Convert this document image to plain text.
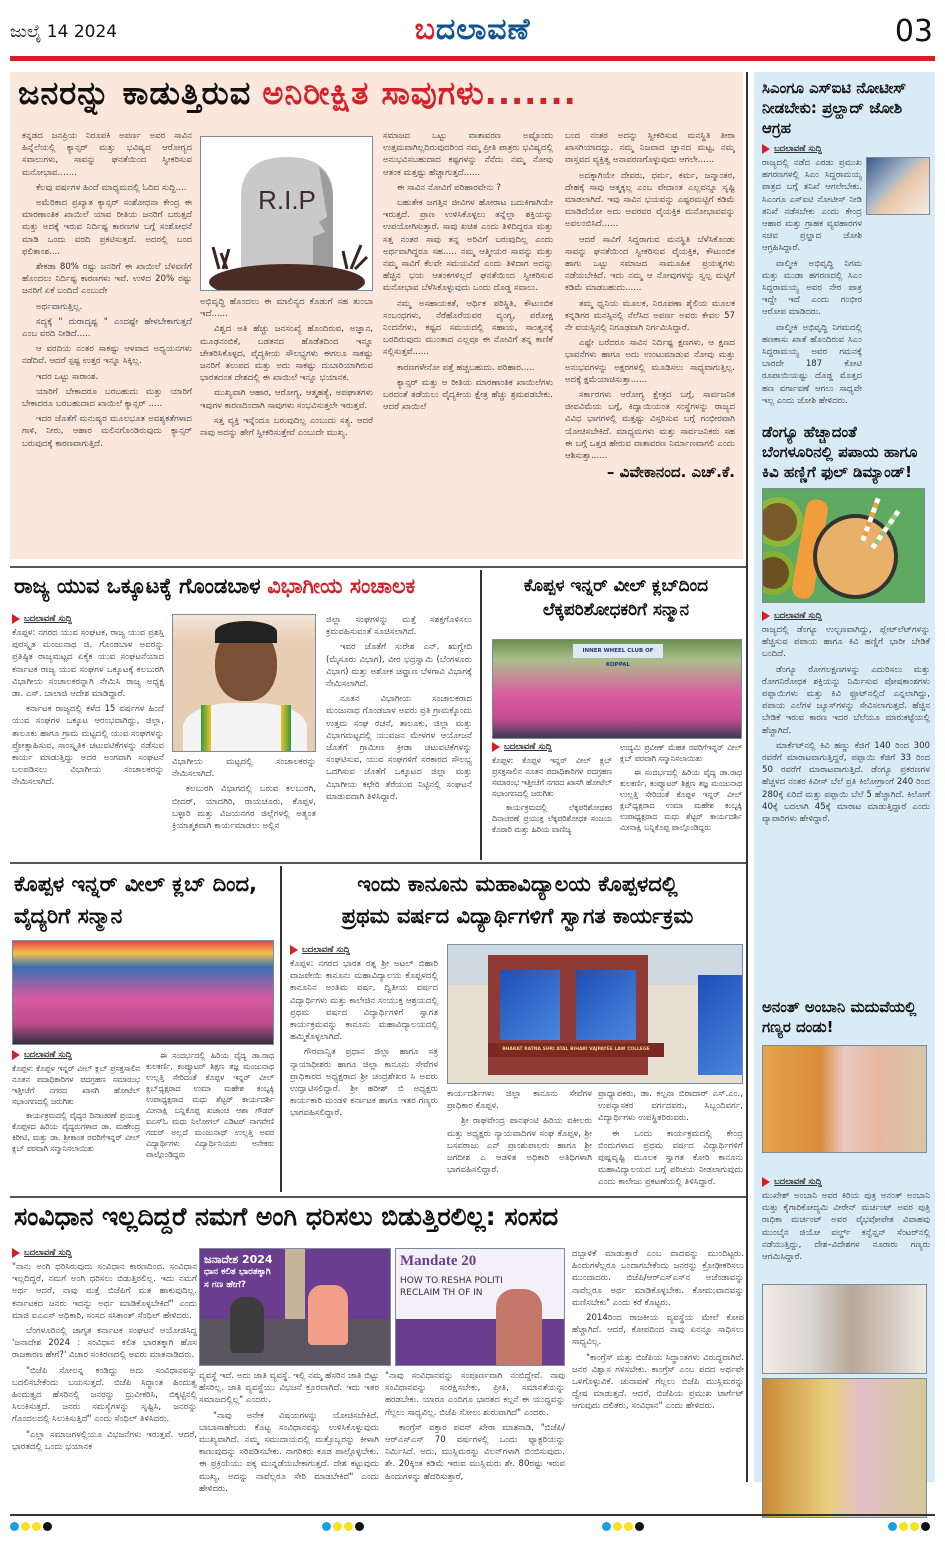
ಜುಲೈ 14 2024	ಬದಲಾವಣೆ	03
ಜನರನ್ನು ಕಾಡುತ್ತಿರುವ ಅನಿರೀಕ್ಷಿತ ಸಾವುಗಳು.......

ಕನ್ನಡದ ಜನಪ್ರಿಯ ನಿರೂಪಕಿ ಅಪರ್ಣ ಅವರ ಸಾವಿನ ಹಿನ್ನೆಲೆಯಲ್ಲಿ ಕ್ಯಾನ್ಸರ್ ಮತ್ತು ಭವಿಷ್ಯದ ಆರೋಗ್ಯದ ಸವಾಲುಗಳು, ಸಾವನ್ನು ಘನತೆಯಿಂದ ಸ್ವೀಕರಿಸುವ ಮನೋಭಾವ.......

ಕೆಲವು ವರ್ಷಗಳ ಹಿಂದೆ ಮಾಧ್ಯಮದಲ್ಲಿ ಓದಿದ ಸುದ್ದಿ....

ಅಮೆರಿಕಾದ ಪ್ರಖ್ಯಾತ ಕ್ಯಾನ್ಸರ್ ಸಂಶೋಧನಾ ಕೇಂದ್ರ ಈ ಮಾರಣಾಂತಿಕ ಖಾಯಿಲೆ ಯಾವ ರೀತಿಯ ಜನರಿಗೆ ಬರುತ್ತದೆ ಮತ್ತು ಅದಕ್ಕೆ ಇರುವ ನಿರ್ದಿಷ್ಟ ಕಾರಣಗಳ ಬಗ್ಗೆ ಸಂಶೋಧನೆ ಮಾಡಿ ಒಂದು ವರದಿ ಪ್ರಕಟಿಸುತ್ತದೆ. ಅದರಲ್ಲಿ ಬಂದ ಫಲಿತಾಂಶ....

ಶೇಕಡಾ 80% ರಷ್ಟು ಜನರಿಗೆ ಈ ಖಾಯಿಲೆ ಬೆಳವಣಿಗೆ ಹೊಂದಲು ನಿರ್ದಿಷ್ಟ ಕಾರಣಗಳು ಇವೆ. ಉಳಿದ 20% ರಷ್ಟು ಜನರಿಗೆ ಏಕೆ ಬಂದಿದೆ ಎಂಬುದೇ

ಅರ್ಥವಾಗುತ್ತಿಲ್ಲ.

ಸದ್ಯಕ್ಕೆ " ದುರಾದೃಷ್ಟ " ಎಂದಷ್ಟೇ ಹೇಳಬೇಕಾಗುತ್ತದೆ ಎಂಬ ವರದಿ ನೀಡಿದೆ.....

ಆ ವರದಿಯ ನಂತರ ಸಾಕಷ್ಟು ಆಳವಾದ ಅಧ್ಯಯನಗಳು ನಡೆದಿವೆ. ಆದರೆ ಸ್ಪಷ್ಟ ಉತ್ತರ ಇನ್ನೂ ಸಿಕ್ಕಿಲ್ಲ.

ಇದರ ಒಟ್ಟು ಸಾರಾಂಶ.

ಯಾರಿಗೆ ಬೇಕಾದರೂ ಬರಬಹುದು ಮತ್ತು ಯಾರಿಗೆ ಬೇಕಾದರೂ ಬರಬಹುದಾದ ಖಾಯಿಲೆ ಕ್ಯಾನ್ಸರ್ .....

ಇದರ ಜೊತೆಗೆ ಮನುಷ್ಯರ ಮೂಲಭೂತ ಅವಶ್ಯಕತೆಗಳಾದ ಗಾಳಿ, ನೀರು, ಆಹಾರ ಮಲಿನಗೊಂಡಿರುವುದು ಕ್ಯಾನ್ಸರ್ ಬರುವುದಕ್ಕೆ ಕಾರಣವಾಗುತ್ತಿದೆ.

R.I.P

ಅಭಿವೃದ್ಧಿ ಹೊಂದಲು ಈ ಮಾಲಿನ್ಯದ ಕೊಡುಗೆ ಸಹ ತುಂಬಾ ಇದೆ......

ವಿಶ್ವದ ಅತಿ ಹೆಚ್ಚು ಜನಸಂಖ್ಯೆ ಹೊಂದಿರುವ, ಅಜ್ಞಾನ, ಮೂಢನಂಬಿಕೆ, ಬಡತನದ ಹೊಡೆತದಿಂದ ಇನ್ನೂ ಚೇತರಿಸಿಕೊಳ್ಳದ, ವೈದ್ಯಕೀಯ ಸೌಲಭ್ಯಗಳು ಈಗಲೂ ಸಾಕಷ್ಟು ಜನರಿಗೆ ತಲುಪದ ಮತ್ತು ಅದು ಸಾಕಷ್ಟು ದುಬಾರಿಯಾಗಿರುವ ಭಾರತದಂತ ದೇಶದಲ್ಲಿ ಈ ಖಾಯಿಲೆ ಇನ್ನೂ ಭಯಾನಕ.

ಮುಖ್ಯವಾಗಿ ಆಹಾರ, ಆರೋಗ್ಯ, ಆತ್ಮಹತ್ಯೆ, ಅಪಘಾತಗಳು ಇವುಗಳ ಕಾರಣದಿಂದಾಗಿ ಸಾವುಗಳು ಸಂಭವಿಸುತ್ತಲೇ ಇರುತ್ತವೆ.

ಸತ್ತ ವ್ಯಕ್ತಿ ಇನ್ನೆಂದೂ ಬರುವುದಿಲ್ಲ ಎಂಬುದು ಸತ್ಯ. ಆದರೆ ನಾವು ಅದನ್ನು ಹೇಗೆ ಸ್ವೀಕರಿಸುತ್ತೇವೆ ಎಂಬುದೇ ಮುಖ್ಯ.

ಸಮಾಜದ ಒಟ್ಟು ವಾತಾವರಣ ಅಷ್ಟೊಂದು ಉತ್ತಮವಾಗಿಲ್ಲದಿರುವುದರಿಂದ ನಮ್ಮ ಪ್ರೀತಿ ಪಾತ್ರರು ಭವಿಷ್ಯದಲ್ಲಿ ಅನುಭವಿಸಬಹುದಾದ ಕಷ್ಟಗಳನ್ನು ನೆನೆದು ನಮ್ಮ ನೋವು ಆತಂಕ ಮತ್ತಷ್ಟು ಹೆಚ್ಚಾಗುತ್ತದೆ......

ಈ ಸಾವಿನ ನೋವಿಗೆ ಪರಿಹಾರವೇನು ?

ಬಹುತೇಕ ಜಗತ್ತಿನ ಜೀವಿಗಳ ಹೋರಾಟ ಬದುಕಿಗಾಗಿಯೇ ಇರುತ್ತದೆ. ಪ್ರಾಣ ಉಳಿಸಿಕೊಳ್ಳಲು ತನ್ನೆಲ್ಲಾ ಶಕ್ತಿಯನ್ನು ಉಪಯೋಗಿಸುತ್ತಾರೆ. ಸಾವು ಖಚಿತ ಎಂದು ತಿಳಿದಿದ್ದರೂ ಮತ್ತು ಸತ್ತ ನಂತರ ಸಾವು ತನ್ನ ಅರಿವಿಗೆ ಬರುವುದಿಲ್ಲ ಎಂದು ಅರ್ಥವಾಗಿದ್ದರೂ ಸಹ..... ನಮ್ಮ ಆತ್ಮೀಯರ ಸಾವನ್ನು ಮತ್ತು ನಮ್ಮ ಸಾವಿಗೆ ಕೆಲವೇ ಸಮಯವಿದೆ ಎಂದು ತಿಳಿದಾಗ ಅದನ್ನು ಹೆಚ್ಚಿನ ಭಯ ಆತಂಕಗಳಿಲ್ಲದೆ ಘನತೆಯಿಂದ ಸ್ವೀಕರಿಸುವ ಮನೋಭಾವ ಬೆಳೆಸಿಕೊಳ್ಳುವುದು ಒಂದು ದೊಡ್ಡ ಸವಾಲು.

ನಮ್ಮ ಅಸಹಾಯಕತೆ, ಆರ್ಥಿಕ ಪರಿಸ್ಥಿತಿ, ಕೌಟುಂಬಿಕ ಸಂಬಂಧಗಳು, ನೆರೆಹೊರೆಯವರ ವ್ಯಂಗ್ಯ, ಪರೋಕ್ಷ ನಿಂದನೆಗಳು, ಕಷ್ಟದ ಸಮಯದಲ್ಲಿ ಸಹಾಯ, ಸಾಂತ್ವನಕ್ಕೆ ಬರದಿರುವುದು ಮುಂತಾದ ಎಲ್ಲವೂ ಈ ನೋವಿಗೆ ತನ್ನ ಕಾಣಿಕೆ ಸಲ್ಲಿಸುತ್ತವೆ......

ಕಾರಣಗಳೇನೋ ಪತ್ತೆ ಹಚ್ಚಬಹುದು. ಪರಿಹಾರ.....

ಕ್ಯಾನ್ಸರ್ ಮತ್ತು ಆ ರೀತಿಯ ಮಾರಣಾಂತಿಕ ಖಾಯಿಲೆಗಳು ಬರದಂತೆ ತಡೆಯಲು ವೈದ್ಯಕೀಯ ಕ್ಷೇತ್ರ ಹೆಚ್ಚು ಶ್ರಮಪಡಬೇಕು. ಆದರೆ ಖಾಯಿಲೆ

ಬಂದ ನಂತರ ಅದನ್ನು ಸ್ವೀಕರಿಸುವ ಮನಸ್ಥಿತಿ ತೀರಾ ಖಾಸಗಿಯಾದದ್ದು. ನಮ್ಮ ನಿಜವಾದ ಜ್ಞಾನದ ಮಟ್ಟ, ನಮ್ಮ ವಾಸ್ತವದ ವ್ಯಕ್ತಿತ್ವ ಅನಾವರಣಗೊಳ್ಳುವುದು ಆಗಲೇ......

ಅದಕ್ಕಾಗಿಯೇ ದೇವರು, ಧರ್ಮ, ಕರ್ಮ, ಜನ್ಮಾಂತರ, ದೇಹಕ್ಕೆ ಸಾವು ಆತ್ಮಕ್ಕಲ್ಲ ಎಂಬ ವೇದಾಂತ ಎಲ್ಲವನ್ನೂ ಸೃಷ್ಟಿ ಮಾಡಲಾಗಿದೆ. ಇವು ಸಾವಿನ ಭಯವನ್ನು ಎಷ್ಟರಮಟ್ಟಿಗೆ ಕಡಿಮೆ ಮಾಡಿದೆಯೋ ಅದು ಅವರವರ ವೈಯಕ್ತಿಕ ಮನೋಭಾವವನ್ನು ಅವಲಂಬಿಸಿದೆ......

ಆದರೆ ಸಾವಿಗೆ ಸಿದ್ದರಾಗುವ ಮನಸ್ಥಿತಿ ಬೆಳೆಸಿಕೊಂಡು ಸಾವನ್ನು ಘನತೆಯಿಂದ ಸ್ವೀಕರಿಸುವ ವೈಯಕ್ತಿಕ, ಕೌಟುಂಬಿಕ ಹಾಗು ಒಟ್ಟು ಸಮಾಜದ ಸಾಮೂಹಿಕ ಪ್ರಯತ್ನಗಳು ನಡೆಯಬೇಕಿದೆ. ಇದು ನಮ್ಮ ಆ ನೋವುಗಳನ್ನು ಸ್ವಲ್ಪ ಮಟ್ಟಿಗೆ ಕಡಿಮೆ ಮಾಡಬಹುದು......

ತಮ್ಮ ಧ್ವನಿಯ ಮೂಲಕ, ನಿರೂಪಣಾ ಶೈಲಿಯ ಮೂಲಕ ಕನ್ನಡಿಗರ ಮನಸ್ಸಿನಲ್ಲಿ ನೆಲೆಸಿದ ಅಪರ್ಣ ಅವರು ಕೇವಲ 57 ನೇ ವಯಸ್ಸಿನಲ್ಲಿ ನಿಗೂಢವಾಗಿ ನಿರ್ಗಮಿಸಿದ್ದಾರೆ.

ಎಷ್ಟೇ ಬರೆದರೂ ಸಾವಿನ ನಿರ್ದಿಷ್ಟ ಕ್ಷಣಗಳು, ಆ ಕ್ಷಣದ ಭಾವನೆಗಳು ಹಾಗೂ ಅದು ಉಂಟುಮಾಡುವ ನೋವು ಮತ್ತು ಅನುಭವಗಳನ್ನು ಅಕ್ಷರಗಳಲ್ಲಿ ಮೂಡಿಸಲು ಸಾಧ್ಯವಾಗುತ್ತಿಲ್ಲ. ಅದಕ್ಕೆ ಕ್ಷಮೆಯಾಚಿಸುತ್ತಾ......

ಸರ್ಕಾರಗಳು ಆರೋಗ್ಯ ಕ್ಷೇತ್ರದ ಬಗ್ಗೆ, ಸಾರ್ವಜನಿಕ ಜೀವವಿಮೆಯ ಬಗ್ಗೆ, ಕಿದ್ವಾಯಿಯಂತ ಸಂಸ್ಥೆಗಳನ್ನು ರಾಜ್ಯದ ವಿವಿಧ ಭಾಗಗಳಲ್ಲಿ ಮತ್ತಷ್ಟು ವಿಸ್ತರಿಸುವ ಬಗ್ಗೆ ಗಂಭೀರವಾಗಿ ಯೋಚಿಸಬೇಕಿದೆ. ಮಾಧ್ಯಮಗಳು ಮತ್ತು ಸಾರ್ವಜನಿಕರು ಸಹ ಈ ಬಗ್ಗೆ ಒತ್ತಡ ಹೇರುವ ವಾತಾವರಣ ನಿರ್ಮಾಣವಾಗಲಿ ಎಂದು ಆಶಿಸುತ್ತಾ......

– ವಿವೇಕಾನಂದ. ಎಚ್.ಕೆ.
ಸಿಎಂಗೂ ಎಸ್‌ಐಟಿ ನೋಟೀಸ್ ನೀಡಬೇಕು: ಪ್ರಲ್ಹಾದ್ ಜೋಶಿ ಆಗ್ರಹ
ಬದಲಾವಣೆ ಸುದ್ದಿ

ರಾಜ್ಯದಲ್ಲಿ ನಡೆದ ಎರಡು ಪ್ರಮುಖ ಹಗರಣಗಳಲ್ಲಿ ಸಿಎಂ ಸಿದ್ದರಾಮಯ್ಯ ಪಾತ್ರದ ಬಗ್ಗೆ ತನಿಖೆ ಆಗಲೇಬೇಕು. ಸಿಎಂಗೂ ಎಸ್‌ಐಟಿ ನೋಟೀಸ್ ನೀಡಿ ತನಿಖೆ ನಡೆಸಬೇಕು ಎಂದು ಕೇಂದ್ರ ಆಹಾರ ಮತ್ತು ಗ್ರಾಹಕ ವ್ಯವಹಾರಗಳ ಸಚಿವ ಪ್ರಲ್ಹಾದ ಜೋಶಿ ಆಗ್ರಹಿಸಿದ್ದಾರೆ.

ವಾಲ್ಮೀಕಿ ಅಭಿವೃದ್ಧಿ ನಿಗಮ ಮತ್ತು ಮುಡಾ ಹಗರಣದಲ್ಲಿ ಸಿಎಂ ಸಿದ್ದರಾಮಯ್ಯ ಅವರ ನೇರ ಪಾತ್ರ ಇದ್ದೇ ಇದೆ ಎಂದು ಗಂಭೀರ ಆರೋಪ ಮಾಡಿದರು.

ವಾಲ್ಮೀಕಿ ಅಭಿವೃದ್ಧಿ ನಿಗಮದಲ್ಲಿ ಹಣಕಾಸು ಖಾತೆ ಹೊಂದಿರುವ ಸಿಎಂ ಸಿದ್ದರಾಮಯ್ಯ ಅವರ ಗಮನಕ್ಕೆ ಬಾರದೇ 187 ಕೋಟಿ ರೂಪಾಯಿಯಷ್ಟು ದೊಡ್ಡ ಮೊತ್ತದ ಹಣ ವರ್ಗಾವಣೆ ಆಗಲು ಸಾಧ್ಯವೇ ಇಲ್ಲ ಎಂದು ಜೋಶಿ ಹೇಳಿದರು.

ಡೆಂಗ್ಯೂ ಹೆಚ್ಚಾದಂತೆ ಬೆಂಗಳೂರಿನಲ್ಲಿ ಪಪಾಯ ಹಾಗೂ ಕಿವಿ ಹಣ್ಣಿಗೆ ಫುಲ್ ಡಿಮ್ಯಾಂಡ್!
ಬದಲಾವಣೆ ಸುದ್ದಿ

ರಾಜ್ಯದಲ್ಲಿ ಡೆಂಗ್ಯೂ ಉಲ್ಬಣವಾಗಿದ್ದು, ಪ್ಲೇಟ್‌ಲೆಟ್‌ಗಳನ್ನು ಹೆಚ್ಚಿಸುವ ಪಪಾಯ ಹಾಗೂ ಕಿವಿ ಹಣ್ಣಿಗೆ ಭಾರೀ ಬೇಡಿಕೆ ಬಂದಿದೆ.

ಡೆಂಗ್ಯೂ ರೋಗಲಕ್ಷಣಗಳನ್ನು ಎದುರಿಸಲು ಮತ್ತು ರೋಗನಿರೋಧಕ ಶಕ್ತಿಯನ್ನು ನಿರ್ಮಿಸುವ ಪೋಷಕಾಂಶಗಳು ಪಪ್ಪಾಯಿಗಳು ಮತ್ತು ಕಿವಿ ಫ್ರೂಟ್‌ನಲ್ಲಿದೆ ಎನ್ನಲಾಗಿದ್ದು, ಪಪಾಯ ಎಲೆಗಳ ಜ್ಯೂಸ್‌ಗಳನ್ನು ಸೇವಿಸಲಾಗುತ್ತದೆ. ಹೆಚ್ಚಿನ ಬೇಡಿಕೆ ಇರುವ ಕಾರಣ ಇದರ ಬೆಲೆಯೂ ಮಾರುಕಟ್ಟೆಯಲ್ಲಿ ಹೆಚ್ಚಾಗಿದೆ.

ಮಾರ್ಕೆಟ್‌ನಲ್ಲಿ ಕಿವಿ ಹಣ್ಣು ಕೆಜಿಗೆ 140 ರಿಂದ 300 ರವರೆಗೆ ಮಾರಾಟವಾಗುತ್ತಿದ್ದರೆ, ಪಪ್ಪಾಯಿ ಕೆಜಿಗೆ 33 ರಿಂದ 50 ರವರೆಗೆ ಮಾರಾಟವಾಗುತ್ತಿದೆ. ಡೆಂಗ್ಯೂ ಪ್ರಕರಣಗಳ ಹೆಚ್ಚಳದ ನಂತರ ಕಿವೀಸ್ ಬೆಲೆ ಪ್ರತಿ ಕಿಲೋಗ್ರಾಂಗೆ 240 ರಿಂದ 280ಕ್ಕೆ ಏರಿದೆ ಮತ್ತು ಪಪ್ಪಾಯಿ ಬೆಲೆ 5 ಹೆಚ್ಚಾಗಿದೆ. ಕಿಲೋಗೆ 40ಕ್ಕೆ ಬದಲಾಗಿ 45ಕ್ಕೆ ಮಾರಾಟ ಮಾಡುತ್ತಿದ್ದಾರೆ ಎಂದು ವ್ಯಾಪಾರಿಗಳು ಹೇಳಿದ್ದಾರೆ.

ಅನಂತ್ ಅಂಬಾನಿ ಮದುವೆಯಲ್ಲಿ ಗಣ್ಯರ ದಂಡು!
ಬದಲಾವಣೆ ಸುದ್ದಿ

ಮುಖೇಶ್ ಅಂಬಾನಿ ಅವರ ಕಿರಿಯ ಪುತ್ರ ಅನಂತ್ ಅಂಬಾನಿ ಮತ್ತು ಕೈಗಾರಿಕೋದ್ಯಮಿ ವೀರೇನ್ ಮರ್ಚಂಟ್ ಅವರ ಪುತ್ರಿ ರಾಧಿಕಾ ಮರ್ಚಂಟ್ ಅವರ ವೈಭವೋಪೇತ ವಿವಾಹವು ಮುಂಬೈನ ಜಿಯೋ ವರ್ಲ್ಡ್ ಕನ್ವೆನ್ಷನ್ ಸೆಂಟರ್‌ನಲ್ಲಿ ನಡೆಯುತ್ತಿದ್ದು, ದೇಶ–ವಿದೇಶಗಳ ನೂರಾರು ಗಣ್ಯರು ಆಗಮಿಸಿದ್ದಾರೆ.

ರಾಜ್ಯ ಯುವ ಒಕ್ಕೂಟಕ್ಕೆ ಗೊಂಡಬಾಳ ವಿಭಾಗೀಯ ಸಂಚಾಲಕ
ಬದಲಾವಣೆ ಸುದ್ದಿ

ಕೊಪ್ಪಳ: ನಗರದ ಯುವ ಸಂಘಟಕ, ರಾಜ್ಯ ಯುವ ಪ್ರಶಸ್ತಿ ಪುರಸ್ಕೃತ ಮಂಜುನಾಥ ಜಿ. ಗೊಂಡಬಾಳ ಅವರನ್ನು ಪ್ರತಿಷ್ಠಿತ ರಾಜ್ಯಮಟ್ಟದ ಏಕೈಕ ಯುವ ಸಂಘಟನೆಯಾದ ಕರ್ನಾಟಕ ರಾಜ್ಯ ಯುವ ಸಂಘಗಳ ಒಕ್ಕೂಟಕ್ಕೆ ಕಲಬುರಗಿ ವಿಭಾಗೀಯ ಸಂಚಾಲಕರನ್ನಾಗಿ ನೇಮಿಸಿ ರಾಜ್ಯ ಅಧ್ಯಕ್ಷ ಡಾ. ಎಸ್. ಬಾಲಾಜಿ ಆದೇಶ ಮಾಡಿದ್ದಾರೆ.

ಕರ್ನಾಟಕ ರಾಜ್ಯದಲ್ಲಿ ಕಳೆದ 15 ವರ್ಷಗಳ ಹಿಂದೆ ಯುವ ಸಂಘಗಳ ಒಕ್ಕೂಟ ಆರಂಭವಾಗಿದ್ದು, ಜಿಲ್ಲಾ, ತಾಲೂಕು ಹಾಗೂ ಗ್ರಾಮ ಮಟ್ಟದಲ್ಲಿ ಯುವ ಸಂಘಗಳನ್ನು ಪ್ರೋತ್ಸಾಹಿಸುವ, ಸಾಂಸ್ಕೃತಿಕ ಚಟುವಟಿಕೆಗಳನ್ನು ನಡೆಸುವ ಕಾರ್ಯ ಮಾಡುತ್ತಿದ್ದು ಅದರ ಅಂಗವಾಗಿ ಸಂಘಟನೆ ಬಲಪಡಿಸಲು ವಿಭಾಗೀಯ ಸಂಚಾಲಕರನ್ನು ನೇಮಿಸಲಾಗಿದೆ.

ವಿಭಾಗೀಯ ಮಟ್ಟದಲ್ಲಿ ಸಂಚಾಲಕರನ್ನು ನೇಮಿಸಲಾಗಿದೆ.

ಕಲಬುರಗಿ ವಿಭಾಗದಲ್ಲಿ ಬರುವ ಕಲಬುರಗಿ, ಬೀದರ್, ಯಾದಗಿರಿ, ರಾಯಚೂರು, ಕೊಪ್ಪಳ, ಬಳ್ಳಾರಿ ಮತ್ತು ವಿಜಯನಗರ ಜಿಲ್ಲೆಗಳಲ್ಲಿ ಅತ್ಯಂತ ಕ್ರಿಯಾತ್ಮಕವಾಗಿ ಕಾರ್ಯಮಾಡಲು ಅಲ್ಲಿನ

ಜಿಲ್ಲಾ ಸಂಘಗಳನ್ನು ಮತ್ತೆ ಸಶಕ್ತಗೊಳಿಸಲು ಕ್ರಮವಹಿಸುವಂತೆ ಸೂಚಿಸಲಾಗಿದೆ.

ಇವರ ಜೊತೆಗೆ ಸುರೇಶ ಎನ್. ಋಗ್ವೇದಿ (ಮೈಸೂರು ವಿಭಾಗ), ವೀರ ಭದ್ರಸ್ವಾಮಿ (ಬೆಂಗಳೂರು ವಿಭಾಗ) ಮತ್ತು ಅಶೋಕ ಚವ್ಹಾಣ ಬೆಳಗಾವಿ ವಿಭಾಗಕ್ಕೆ ನೇಮಿಸಲಾಗಿದೆ.

ನೂತನ ವಿಭಾಗೀಯ ಸಂಚಾಲಕರಾದ ಮಂಜುನಾಥ ಗೊಂಡಬಾಳ ಅವರು ಪ್ರತಿ ಗ್ರಾಮಕ್ಕೊಂದು ಉತ್ತಮ ಸಂಘ ರಚನೆ, ತಾಲೂಕು, ಜಿಲ್ಲಾ ಮತ್ತು ವಿಭಾಗಮಟ್ಟದಲ್ಲಿ ಯುವಜನ ಮೇಳಗಳ ಆಯೋಜನೆ ಜೊತೆಗೆ ಗ್ರಾಮೀಣ ಕ್ರೀಡಾ ಚಟುವಟಿಕೆಗಳನ್ನು ಸಂಘಟಿಸುವ, ಯುವ ಸಂಘಗಳಿಗೆ ಸರಕಾರದ ಸೌಲಭ್ಯ ಒದಗಿಸುವ ಜೊತೆಗೆ ಒಕ್ಕೂಟದ ಜಿಲ್ಲಾ ಮತ್ತು ವಿಭಾಗೀಯ ಕಛೇರಿ ತೆರೆಯುವ ನಿಟ್ಟಿನಲ್ಲಿ ಸಂಘಟನೆ ಮಾಡುವದಾಗಿ ತಿಳಿಸಿದ್ದಾರೆ.

ಕೊಪ್ಪಳ ಇನ್ನರ್ ವೀಲ್ ಕ್ಲಬ್‌ದಿಂದ ಲೆಕ್ಕಪರಿಶೋಧಕರಿಗೆ ಸನ್ಮಾನ
INNER WHEEL CLUB OF KOPPAL
ಬದಲಾವಣೆ ಸುದ್ದಿ

ಕೊಪ್ಪಳ: ಕೊಪ್ಪಳ ಇನ್ನರ್ ವೀಲ್ ಕ್ಲಬ್ ಪ್ರಸಕ್ತಸಾಲಿನ ನೂತನ ಪದಾಧಿಕಾರಿಗಳ ಪದಗ್ರಹಣ ಸಮಾರಂಭ ಇತ್ತೀಚೆಗೆ ನಗರದ ಖಾಸಗಿ ಹೋಟೆಲ್ ಸಭಾಂಗಣದಲ್ಲಿ ಜರುಗಿತು

ಕಾರ್ಯಕ್ರಮದಲ್ಲಿ ಲೆಕ್ಕಪರಿಶೋಧಕರ ದಿನಾಚರಣೆ ಪ್ರಯುಕ್ತ ಲೆಕ್ಕಪರಿಶೋಧಕ ಸಂಜಯ ಕೊಠಾರಿ ಮತ್ತು ಹಿರಿಯ ವಾಣಿಜ್ಯ

ಉದ್ಯಮಿ ಪ್ರವೀಣ್ ಮೆಹತ ರವರಿಗೆಇನ್ನರ್ ವೀಲ್ ಕ್ಲಬ್ ಪರವಾಗಿ ಸನ್ಮಾನಿಸಲಾಯಿತು

ಈ ಸಂದರ್ಭದಲ್ಲಿ ಹಿರಿಯ ವೈದ್ಯ ಡಾ.ರಾಧ ಕುಲಕರ್ಣಿ, ಕಂಪ್ಯೂಟರ್ ಶಿಕ್ಷಣ ತಜ್ಞ ಮಂಜುನಾಥ ಉಲ್ಲತ್ತಿ ಸೇರಿದಂತೆ ಕೊಪ್ಪಳ ಇನ್ನರ್ ವೀಲ್ ಕ್ಲಬ್‌ಧ್ಯಕ್ಷರಾದ ಉಮಾ ಮಹೇಶ ಕಂಬ್ಳಕ್ಕಿ ಉಪಾಧ್ಯಕ್ಷರಾದ ಮಧು ಶೆಟ್ಟರ್ ಕಾರ್ಯದರ್ಶಿ ಮೀನಾಕ್ಷಿ ಬನ್ನಿಕೊಪ್ಪ ಪಾಲ್ಗೊಂಡಿದ್ದರು

ಕೊಪ್ಪಳ ಇನ್ನರ್ ವೀಲ್ ಕ್ಲಬ್ ದಿಂದ, ವೈದ್ಯರಿಗೆ ಸನ್ಮಾನ
ಬದಲಾವಣೆ ಸುದ್ದಿ

ಕೊಪ್ಪಳ: ಕೊಪ್ಪಳ ಇನ್ನರ್ ವೀಲ್ ಕ್ಲಬ್ ಪ್ರಸಕ್ತಸಾಲಿನ ನೂತನ ಪದಾಧಿಕಾರಿಗಳ ಪದಗ್ರಹಣ ಸಮಾರಂಭ ಇತ್ತೀಚೆಗೆ ನಗರದ ಖಾಸಗಿ ಹೋಟೆಲ್ ಸಭಾಂಗಣದಲ್ಲಿ ಜರುಗಿತು

ಕಾರ್ಯಕ್ರಮದಲ್ಲಿ ವೈದ್ಯರ ದಿನಾಚರಣೆ ಪ್ರಯುಕ್ತ ಕೊಪ್ಪಳದ ಹಿರಿಯ ವೈದ್ಯರುಗಳಾದ ಡಾ. ಮಹೇಂದ್ರ ಕಿರೀಟಿ, ಮತ್ತು ಡಾ. ಶ್ರೀಕಾಂತ ರವರಿಗೆಇನ್ನರ್ ವೀಲ್ ಕ್ಲಬ್ ಪರವಾಗಿ ಸನ್ಮಾನಿಸಲಾಯಿತು

ಈ ಸಂದರ್ಭದಲ್ಲಿ ಹಿರಿಯ ವೈದ್ಯ ಡಾ.ರಾಧ ಕುಲಕರ್ಣಿ, ಕಂಪ್ಯೂಟರ್ ಶಿಕ್ಷಣ ತಜ್ಞ ಮಂಜುನಾಥ ಉಲ್ಲತ್ತಿ ಸೇರಿದಂತೆ ಕೊಪ್ಪಳ ಇನ್ನರ್ ವೀಲ್ ಕ್ಲಬ್‌ಧ್ಯಕ್ಷರಾದ ಉಮಾ ಮಹೇಶ ಕಂಬ್ಳಕ್ಕಿ ಉಪಾಧ್ಯಕ್ಷರಾದ ಮಧು ಶೆಟ್ಟರ್ ಕಾರ್ಯದರ್ಶಿ ಮೀನಾಕ್ಷಿ ಬನ್ನಿಕೊಪ್ಪ ಖಜಾಂಚಿ ಆಶಾ ಗೌಡರ್ ಐಎಸ್‌ಓ ಮಧು ನಿಲೋಗಲ್ ಎಡಿಟರ್ ನಾಗವೇಣಿ ಗದುರ್ ಅಲ್ಲದೆ ಮಂಜುನಾಥ್ ಉಲ್ಲತ್ತಿ ಅವರ ವಿದ್ಯಾರ್ಥಿಗಳು ವಿದ್ಯಾರ್ಥಿನಿಯರು ಅನೇಕರು ಪಾಲ್ಗೊಂಡಿದ್ದರು

ಇಂದು ಕಾನೂನು ಮಹಾವಿದ್ಯಾಲಯ ಕೊಪ್ಪಳದಲ್ಲಿ
ಪ್ರಥಮ ವರ್ಷದ ವಿದ್ಯಾರ್ಥಿಗಳಿಗೆ ಸ್ವಾಗತ ಕಾರ್ಯಕ್ರಮ
ಬದಲಾವಣೆ ಸುದ್ದಿ

ಕೊಪ್ಪಳ: ನಗರದ ಭಾರತ ರತ್ನ ಶ್ರೀ ಅಟಲ್ ಬಿಹಾರಿ ವಾಜಪೇಯಿ ಕಾನೂನು ಮಹಾವಿದ್ಯಾಲಯ ಕೊಪ್ಪಳದಲ್ಲಿ ಕಾನೂನಿನ ಅಂತಿಮ ವರ್ಷ, ದ್ವಿತೀಯ ವರ್ಷದ ವಿದ್ಯಾರ್ಥಿಗಳು ಮತ್ತು ಕಾಲೇಜಿನ ಸಂಯುಕ್ತ ಆಶ್ರಯದಲ್ಲಿ ಪ್ರಥಮ ವರ್ಷದ ವಿದ್ಯಾರ್ಥಿಗಳಿಗೆ ಸ್ವಾಗತ ಕಾರ್ಯಕ್ರಮವನ್ನು ಕಾನೂನು ಮಹಾವಿದ್ಯಾಲಯದಲ್ಲಿ ಹಮ್ಮಿಕೊಳ್ಳಲಾಗಿದೆ.

ಗೌರವಾನ್ವಿತ ಪ್ರಧಾನ ಜಿಲ್ಲಾ ಹಾಗೂ ಸತ್ರ ನ್ಯಾಯಾಧೀಶರು ಹಾಗೂ ಜಿಲ್ಲಾ ಕಾನೂನು ಸೇವೆಗಳ ಪ್ರಾಧಿಕಾರದ ಅಧ್ಯಕ್ಷರಾದ ಶ್ರೀ ಚಂದ್ರಶೇಖರ ಸಿ ಅವರು ಉದ್ಘಾಟಿಸಲಿದ್ದಾರೆ. ಶ್ರೀ ಹರೀಶ್ ಬಿ ಅಧ್ಯಕ್ಷರು ಕಾರ್ಯಕಾರಿ ಮಂಡಳಿ ಕರ್ನಾಟಕ ಹಾಗೂ ಇತರ ಗಣ್ಯರು ಭಾಗವಹಿಸಲಿದ್ದಾರೆ.

BHARAT RATNA SHRI ATAL BIHARI VAJPAYEE LAW COLLEGE

ಕಾರ್ಯದರ್ಶಿಗಳು ಜಿಲ್ಲಾ ಕಾನೂನು ಸೇವೆಗಳ ಪ್ರಾಧಿಕಾರ ಕೊಪ್ಪಳ.

ಶ್ರೀ ರಾಘವೇಂದ್ರ ಪಾನಘಂಟಿ ಹಿರಿಯ ವಕೀಲರು ಮತ್ತು ಅಧ್ಯಕ್ಷರು ನ್ಯಾಯವಾದಿಗಳ ಸಂಘ ಕೊಪ್ಪಳ, ಶ್ರೀ ಬಸವರಾಜು ಎನ್ ಪ್ರಾಂಶುಪಾಲರು ಹಾಗೂ ಶ್ರೀ ಜಗದೀಶ ಎ ಆಡಳಿತ ಅಧಿಕಾರಿ ಅತಿಥಿಗಳಾಗಿ ಭಾಗವಹಿಸಲಿದ್ದಾರೆ.

ಪ್ರಾಧ್ಯಾಪಕರು, ಡಾ. ಕಲ್ಪನಾ ಬಿರಾದಾರ್ ಎಸ್.ಎಂ., ಉಪನ್ಯಾಸಕರ ವರ್ಗದವರು, ಸಿಬ್ಬಂದಿವರ್ಗ, ವಿದ್ಯಾರ್ಥಿಗಳು ಉಪಸ್ಥಿತರಿರುವರು.

ಈ ಒಂದು ಕಾರ್ಯಕ್ರಮದಲ್ಲಿ ಕೇಂದ್ರ ಬಿಂದುಗಳಾದ ಪ್ರಥಮ ವರ್ಷದ ವಿದ್ಯಾರ್ಥಿಗಳಿಗೆ ಪುಷ್ಪವೃಷ್ಟಿ ಮೂಲಕ ಸ್ವಾಗತ ಕೋರಿ ಕಾನೂನು ಮಹಾವಿದ್ಯಾಲಯದ ಬಗ್ಗೆ ಪರಿಚಯ ನೀಡಲಾಗುವುದು ಎಂದು ಕಾಲೇಜು ಪ್ರಕಟಣೆಯಲ್ಲಿ ತಿಳಿಸಿದ್ದಾರೆ.

ಸಂವಿಧಾನ ಇಲ್ಲದಿದ್ದರೆ ನಮಗೆ ಅಂಗಿ ಧರಿಸಲು ಬಿಡುತ್ತಿರಲಿಲ್ಲ: ಸಂಸದ
ಬದಲಾವಣೆ ಸುದ್ದಿ

"ನಾನು ಅಂಗಿ ಧರಿಸಿರುವುದು ಸಂವಿಧಾನ ಕಾರಣದಿಂದ. ಸಂವಿಧಾನ ಇಲ್ಲದಿದ್ದರೆ, ನಮಗೆ ಅಂಗಿ ಧರಿಸಲು ಬಿಡುತ್ತಿರಲಿಲ್ಲ. ಇದು ನಮಗೆ ಅರ್ಥ ಆದರೆ, ನಾವು ಮತ್ತೆ ಬಿಜೆಪಿಗೆ ಮತ ಹಾಕುವುದಿಲ್ಲ. ಕರ್ನಾಟಕದ ಜನರು ಇದನ್ನು ಅರ್ಥ ಮಾಡಿಕೊಳ್ಳಬೇಕಿದೆ" ಎಂದು ಮಾಜಿ ಐಎಎಸ್ ಅಧಿಕಾರಿ, ಸಂಸದ ಸಸಿಕಾಂತ್ ಸೆಂಥಿಲ್ ಹೇಳಿದರು.

ಬೆಂಗಳೂರಿನಲ್ಲಿ ಜಾಗೃತ ಕರ್ನಾಟಕ ಸಂಘಟನೆ ಆಯೋಜಿಸಿದ್ದ 'ಜನಾದೇಶ 2024 : ಸಂವಿಧಾನ ಕಲಿತ ಭಾರತಕ್ಕಾಗಿ ಹೊಸ ರಾಜಕಾರಣ ಹೇಗೆ?' ವಿಚಾರ ಸಂಕಿರಣದಲ್ಲಿ ಅವರು ಮಾತನಾಡಿದರು.

"ಬಿಜೆಪಿ ಸೋಲನ್ನ ಕಂಡಿದ್ದು ಅದು ಸಂವಿಧಾನವನ್ನು ಬದಲಿಸಬೇಕೆಂದು ಬಯಸುತ್ತದೆ. ಬಿಜೆಪಿ ಸಿದ್ಧಾಂತ ಹಿಂದುತ್ವ ಹಿಂದುತ್ವದ ಹೆಸರಿನಲ್ಲಿ ಜನರನ್ನು ಧ್ರುವೀಕರಿಸಿ, ಬಿಕ್ಕಟ್ಟಿನಲ್ಲಿ ಸಿಲುಕಿಸುತ್ತದೆ. ಜನರು ಸಮಸ್ಯೆಗಳನ್ನು ಸೃಷ್ಟಿಸಿ, ಜನರನ್ನು ಗೊಂದಲದಲ್ಲಿ ಸಿಲುಕಿಸುತ್ತಿದೆ" ಎಂದು ಸೆಂಥಿಲ್ ತಿಳಿಸಿದರು.

"ಎಲ್ಲಾ ಸಮಾಜಗಳಲ್ಲಿಯೂ ವಿಭಜನೆಗಳು ಇರುತ್ತವೆ. ಆದರೆ, ಭಾರತದಲ್ಲಿ ಒಂದು ಭಯಾನಕ

ಜನಾದೇಶ 2024
ಧಾನ ಕಲಿತ ಭಾರತಕ್ಕಾಗಿ
ಸ ಗಣ ಹೇಗೆ?
Mandate 20
HOW TO RESHA POLITI
RECLAIM TH OF IN

ವ್ಯವಸ್ಥೆ ಇದೆ. ಅದು ಜಾತಿ ವ್ಯವಸ್ಥೆ. ಇಲ್ಲಿ ನಮ್ಮ ಹೆಸರಿನ ಜಾತಿ ಬಿಟ್ಟು ಹೆಸರಿಲ್ಲ. ಜಾತಿ ವ್ಯವಸ್ಥೆಯು ವಿಭಜನೆ ಕ್ರೂರವಾಗಿದೆ. ಇದು ಇತರ ಸಮಾಜದಲ್ಲಿಲ್ಲ" ಎಂದರು.

"ನಾವು ಅನೇಕ ವಿಷಯಗಳನ್ನು ಯೋಚಿಸಬೇಕಿದೆ. ಬಾಬಾಸಾಹೇಬರು ಕೊಟ್ಟ ಸಂವಿಧಾನವನ್ನು ಉಳಿಸಿಕೊಳ್ಳುವುದು ಮುಖ್ಯವಾಗಿದೆ. ನಮ್ಮ ಸಮುದಾಯದಲ್ಲಿ ಮತ್ತೊಬ್ಬರನ್ನು ಕೀಳಾಗಿ ಕಾಣುವುದನ್ನು ಸರಿಪಡಿಸಬೇಕು. ನಾಗರಿಕರು ಕೂಡ ಪಾಲ್ಗೊಳ್ಳಬೇಕು. ಈ ಪ್ರಕ್ರಿಯೆಯು ಪಕ್ಕ ಮುನ್ನಡೆಯಬೇಕಾಗುತ್ತದೆ. ದೇಶ ಕಟ್ಟುವುದು ಮುಖ್ಯ, ಅದನ್ನು ನಾವೆಲ್ಲರೂ ಸೇರಿ ಮಾಡಬೇಕಿದೆ" ಎಂದು ಹೇಳಿದರು.

"ನಾವು ಸಂವಿಧಾನವನ್ನು ಸಂಪೂರ್ಣವಾಗಿ ನಂಬಿದ್ದೇವೆ. ನಾವು ಸಂವಿಧಾನವನ್ನು ಸಂರಕ್ಷಿಸಬೇಕು, ಪ್ರೀತಿ, ಸಮಾನತೆಯನ್ನು ಹರಡಬೇಕು. ಯಾರೂ ಎಂದಿಗೂ ಭಾರತದ ಕಲ್ಪನೆ ಈ ಯುದ್ಧವನ್ನು ಗೆಲ್ಲಲು ಸಾಧ್ಯವಿಲ್ಲ. ಬಿಜೆಪಿ ಸೋಲು ಶುರುವಾಗಿದೆ" ಎಂದರು.

ಕಾಂಗ್ರೆಸ್ ವಕ್ತಾರ ಪವನ್ ಖೇರಾ ಮಾತನಾಡಿ, "ಬಿಜೆಪಿ/ಆರ್‌ಎಸ್‌ಎಸ್ 70 ವರ್ಷಗಳಲ್ಲಿ ಒಂದು ಫ್ಯಾಕ್ಟರಿಯನ್ನು ನಿರ್ಮಿಸಿದೆ. ಅದು, ಮುಸ್ಲಿಮರನ್ನು ವಿಲನ್‌ಗಳಾಗಿ ಬಿಂಬಿಸುವುದು. ಶೇ. 20ಕ್ಕಿಂತ ಕಡಿಮೆ ಇರುವ ಮುಸ್ಲಿಮರು ಶೇ. 80ರಷ್ಟು ಇರುವ ಹಿಂದುಗಳನ್ನು ಹೆದರಿಸುತ್ತಾರೆ,

ದಬ್ಬಾಳಿಕೆ ಮಾಡುತ್ತಾರೆ ಎಂಬ ವಾದವನ್ನು ಮುಂದಿಟ್ಟರು. ಹಿಂದುಗಳೆಲ್ಲರೂ ಒಂದಾಗಬೇಕೆಂದು ಜನರನ್ನು ಕ್ರೋಢೀಕರಿಸಲು ಮುಂದಾದರು. ಬಿಜೆಪಿ/ಆರ್‌ಎಸ್‌ಎಸ್‌ನ ಅಜೆಂಡಾವನ್ನು ನಾವೆಲ್ಲರೂ ಅರ್ಥ ಮಾಡಿಕೊಳ್ಳಬೇಕು. ಕೋಮುವಾದವನ್ನು ಮಣಿಸಬೇಕು" ಎಂದು ಕರೆ ಕೊಟ್ಟರು.

2014ರಿಂದ ರಾಜಕೀಯ ವ್ಯವಸ್ಥೆಯ ಮೇಲೆ ಕೋಪ ಹೆಚ್ಚಾಗಿದೆ. ಆದರೆ, ಕೋಪದಿಂದ ನಾವು ಏನನ್ನೂ ಸಾಧಿಸಲು ಸಾಧ್ಯವಿಲ್ಲ.

"ಕಾಂಗ್ರೆಸ್ ಮತ್ತು ಬಿಜೆಪಿಯ ಸಿದ್ಧಾಂತಗಳು ವಿರುದ್ಧವಾಗಿವೆ. ಜನರ ವಿಶ್ವಾಸ ಗಳಿಸಬೇಕು. ಕಾಂಗ್ರೆಸ್ ಎಂಬ ಪದದ ಅರ್ಥವೇ ಒಳಗೊಳ್ಳುವಿಕೆ. ಚುನಾವಣೆ ಗೆಲ್ಲಲು ಬಿಜೆಪಿ ಮುಸ್ಲಿಮರನ್ನು ದ್ವೇಷ ಮಾಡುತ್ತದೆ. ಆದರೆ, ಬಿಜೆಪಿಯ ಪ್ರಮುಖ ಟಾರ್ಗೆಟ್ ಆಗುವುದು ದಲಿತರು, ಸಂವಿಧಾನ" ಎಂದು ಹೇಳಿದರು.
